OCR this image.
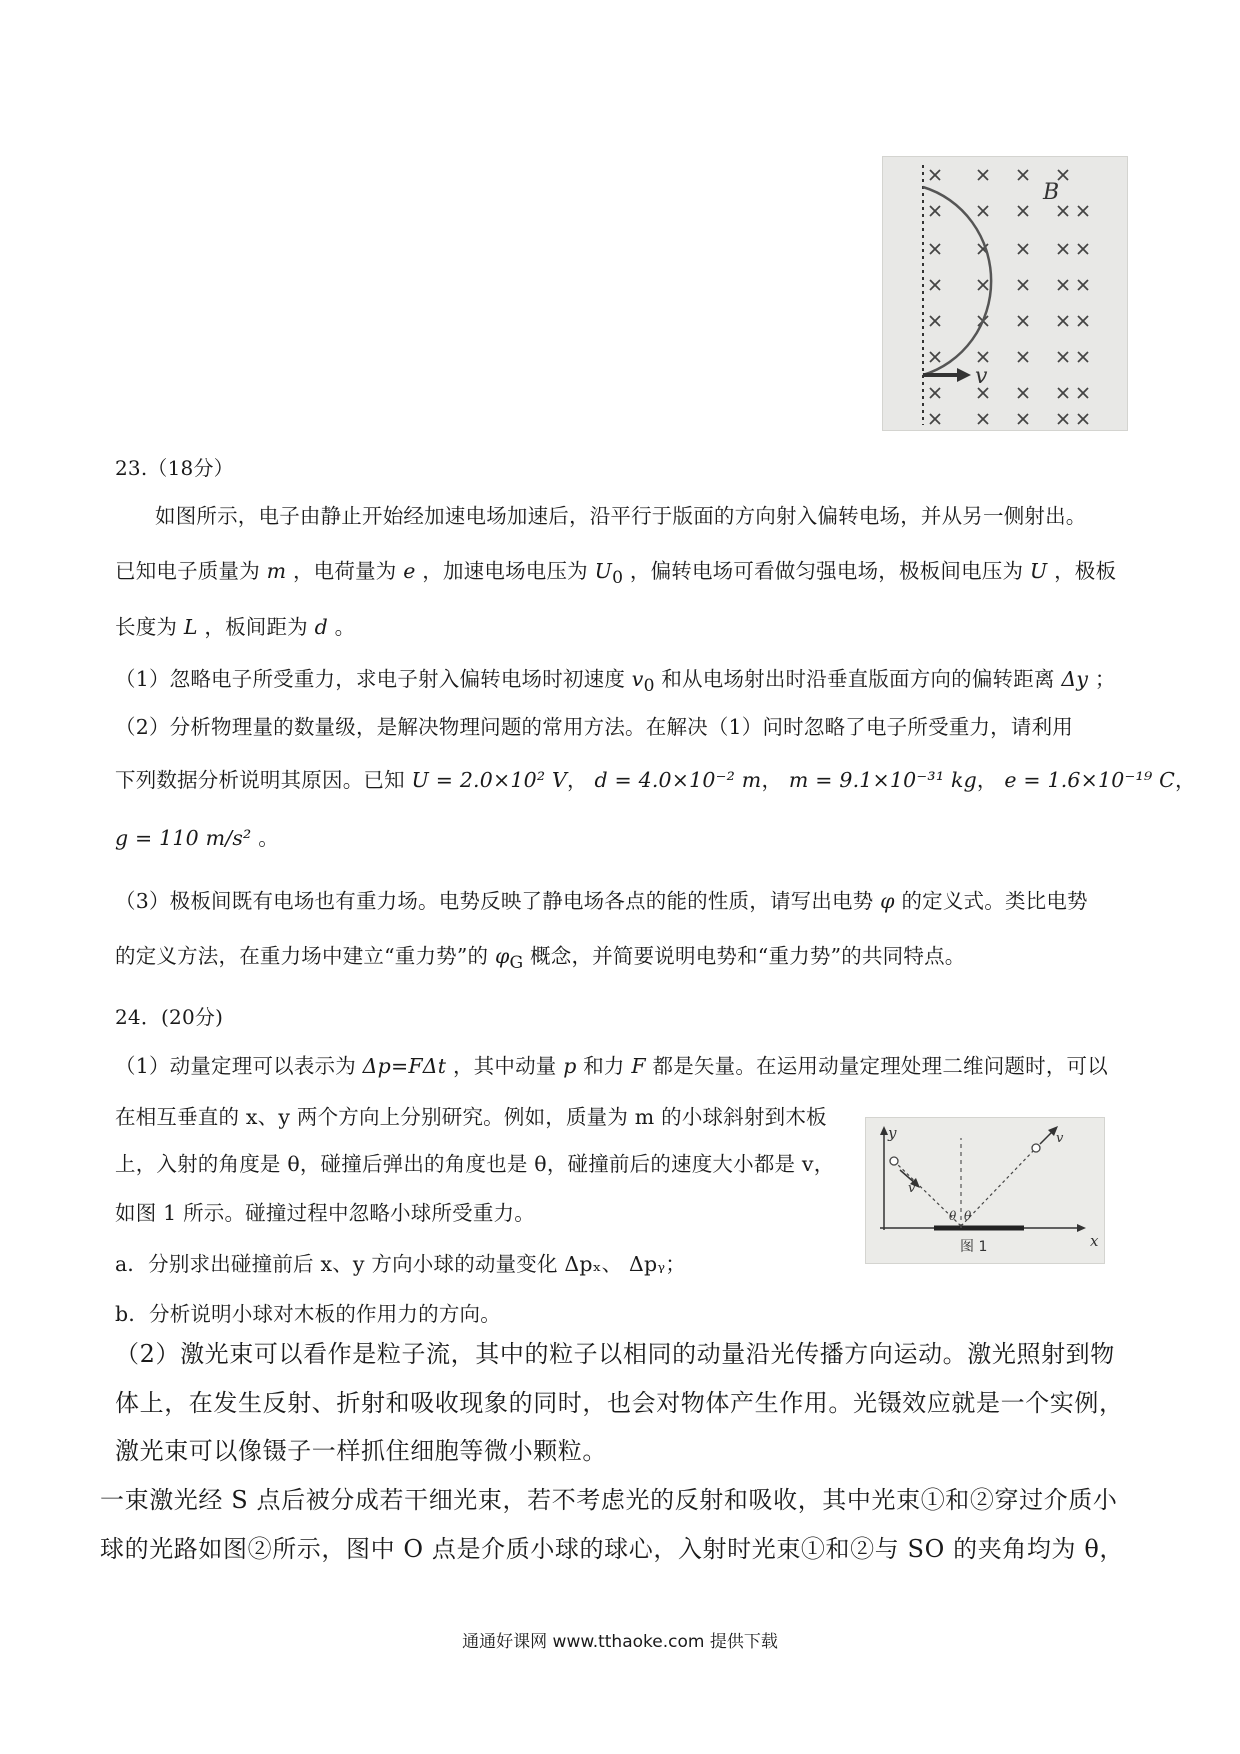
B
v
23.（18分）
如图所示，电子由静止开始经加速电场加速后，沿平行于版面的方向射入偏转电场，并从另一侧射出。
已知电子质量为 m ，电荷量为 e ，加速电场电压为 $U_0$ ，偏转电场可看做匀强电场，极板间电压为 U ，极板
长度为 L ，板间距为 d 。
（1）忽略电子所受重力，求电子射入偏转电场时初速度 $v_0$ 和从电场射出时沿垂直版面方向的偏转距离 Δy ；
（2）分析物理量的数量级，是解决物理问题的常用方法。在解决（1）问时忽略了电子所受重力，请利用
下列数据分析说明其原因。已知 U = 2.0×10² V， d = 4.0×10⁻² m， m = 9.1×10⁻³¹ kg， e = 1.6×10⁻¹⁹ C，
g = 110 m/s² 。
（3）极板间既有电场也有重力场。电势反映了静电场各点的能的性质，请写出电势 φ 的定义式。类比电势
的定义方法，在重力场中建立“重力势”的 $\varphi_G$ 概念，并简要说明电势和“重力势”的共同特点。
24．(20分)
（1）动量定理可以表示为 Δp=FΔt ，其中动量 p 和力 F 都是矢量。在运用动量定理处理二维问题时，可以
在相互垂直的 x、y 两个方向上分别研究。例如，质量为 m 的小球斜射到木板
上，入射的角度是 θ，碰撞后弹出的角度也是 θ，碰撞前后的速度大小都是 v，
如图 1 所示。碰撞过程中忽略小球所受重力。
a．分别求出碰撞前后 x、y 方向小球的动量变化 Δpₓ、 Δpᵧ；
b．分析说明小球对木板的作用力的方向。
y
x
v
v
θ θ
图 1
（2）激光束可以看作是粒子流，其中的粒子以相同的动量沿光传播方向运动。激光照射到物
体上，在发生反射、折射和吸收现象的同时，也会对物体产生作用。光镊效应就是一个实例，
激光束可以像镊子一样抓住细胞等微小颗粒。
一束激光经 S 点后被分成若干细光束，若不考虑光的反射和吸收，其中光束①和②穿过介质小
球的光路如图②所示，图中 O 点是介质小球的球心，入射时光束①和②与 SO 的夹角均为 θ，
通通好课网 www.tthaoke.com 提供下载
